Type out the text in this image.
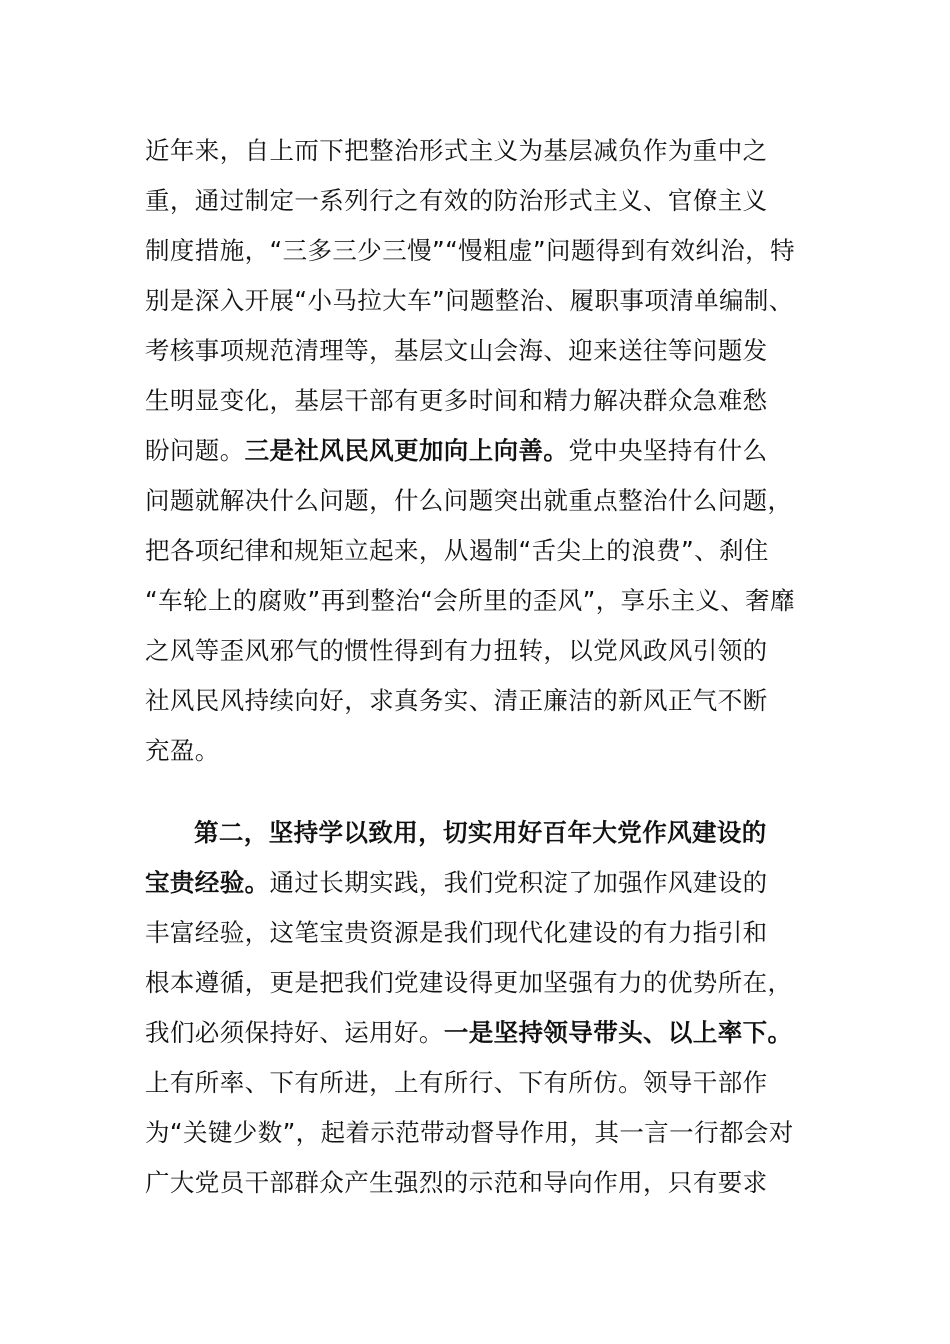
近年来，自上而下把整治形式主义为基层减负作为重中之
重，通过制定一系列行之有效的防治形式主义、官僚主义
制度措施，“三多三少三慢”“慢粗虚”问题得到有效纠治，特
别是深入开展“小马拉大车”问题整治、履职事项清单编制、
考核事项规范清理等，基层文山会海、迎来送往等问题发
生明显变化，基层干部有更多时间和精力解决群众急难愁
盼问题。三是社风民风更加向上向善。党中央坚持有什么
问题就解决什么问题，什么问题突出就重点整治什么问题，
把各项纪律和规矩立起来，从遏制“舌尖上的浪费”、刹住
“车轮上的腐败”再到整治“会所里的歪风”，享乐主义、奢靡
之风等歪风邪气的惯性得到有力扭转，以党风政风引领的
社风民风持续向好，求真务实、清正廉洁的新风正气不断
充盈。
第二，坚持学以致用，切实用好百年大党作风建设的
宝贵经验。通过长期实践，我们党积淀了加强作风建设的
丰富经验，这笔宝贵资源是我们现代化建设的有力指引和
根本遵循，更是把我们党建设得更加坚强有力的优势所在，
我们必须保持好、运用好。一是坚持领导带头、以上率下。
上有所率、下有所进，上有所行、下有所仿。领导干部作
为“关键少数”，起着示范带动督导作用，其一言一行都会对
广大党员干部群众产生强烈的示范和导向作用，只有要求
